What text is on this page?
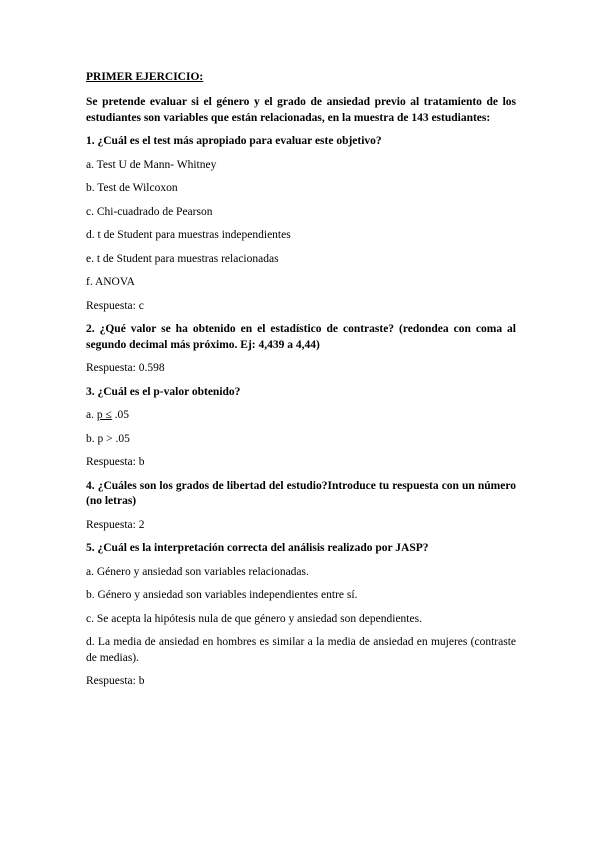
PRIMER EJERCICIO:

Se pretende evaluar si el género y el grado de ansiedad previo al tratamiento de los estudiantes son variables que están relacionadas, en la muestra de 143 estudiantes:

1. ¿Cuál es el test más apropiado para evaluar este objetivo?

a. Test U de Mann- Whitney

b. Test de Wilcoxon

c. Chi-cuadrado de Pearson

d. t de Student para muestras independientes

e. t de Student para muestras relacionadas

f. ANOVA

Respuesta: c

2. ¿Qué valor se ha obtenido en el estadístico de contraste? (redondea con coma al segundo decimal más próximo. Ej: 4,439 a 4,44)

Respuesta: 0.598

3. ¿Cuál es el p-valor obtenido?

a. p ≤ .05

b. p > .05

Respuesta: b

4. ¿Cuáles son los grados de libertad del estudio?Introduce tu respuesta con un número (no letras)

Respuesta: 2

5. ¿Cuál es la interpretación correcta del análisis realizado por JASP?

a. Género y ansiedad son variables relacionadas.

b. Género y ansiedad son variables independientes entre sí.

c. Se acepta la hipótesis nula de que género y ansiedad son dependientes.

d. La media de ansiedad en hombres es similar a la media de ansiedad en mujeres (contraste de medias).

Respuesta: b
